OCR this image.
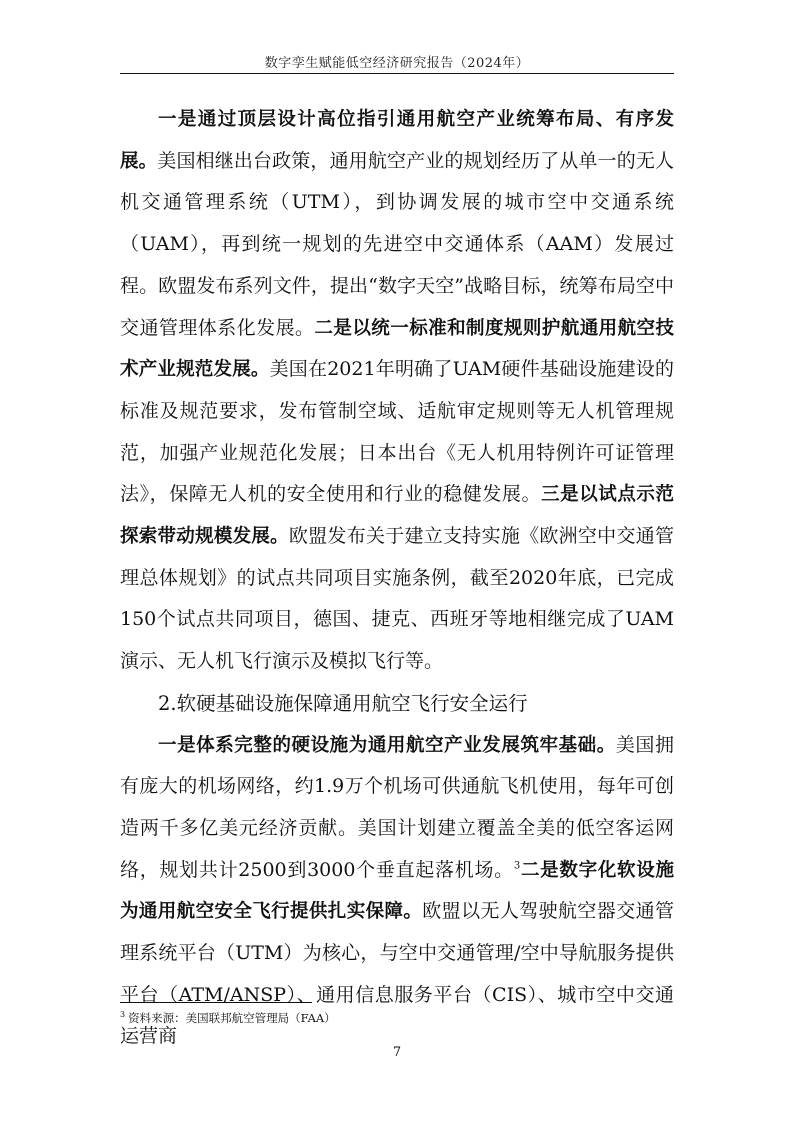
数字孪生赋能低空经济研究报告（2024年）

一是通过顶层设计高位指引通用航空产业统筹布局、有序发展。美国相继出台政策，通用航空产业的规划经历了从单一的无人机交通管理系统（UTM），到协调发展的城市空中交通系统（UAM），再到统一规划的先进空中交通体系（AAM）发展过程。欧盟发布系列文件，提出“数字天空”战略目标，统筹布局空中交通管理体系化发展。二是以统一标准和制度规则护航通用航空技术产业规范发展。美国在2021年明确了UAM硬件基础设施建设的标准及规范要求，发布管制空域、适航审定规则等无人机管理规范，加强产业规范化发展；日本出台《无人机用特例许可证管理法》，保障无人机的安全使用和行业的稳健发展。三是以试点示范探索带动规模发展。欧盟发布关于建立支持实施《欧洲空中交通管理总体规划》的试点共同项目实施条例，截至2020年底，已完成150个试点共同项目，德国、捷克、西班牙等地相继完成了UAM演示、无人机飞行演示及模拟飞行等。

2.软硬基础设施保障通用航空飞行安全运行

一是体系完整的硬设施为通用航空产业发展筑牢基础。美国拥有庞大的机场网络，约1.9万个机场可供通航飞机使用，每年可创造两千多亿美元经济贡献。美国计划建立覆盖全美的低空客运网络，规划共计2500到3000个垂直起落机场。$^3$二是数字化软设施为通用航空安全飞行提供扎实保障。欧盟以无人驾驶航空器交通管理系统平台（UTM）为核心，与空中交通管理/空中导航服务提供平台（ATM/ANSP）、通用信息服务平台（CIS）、城市空中交通运营商

$^3$ 资料来源：美国联邦航空管理局（FAA）
7
